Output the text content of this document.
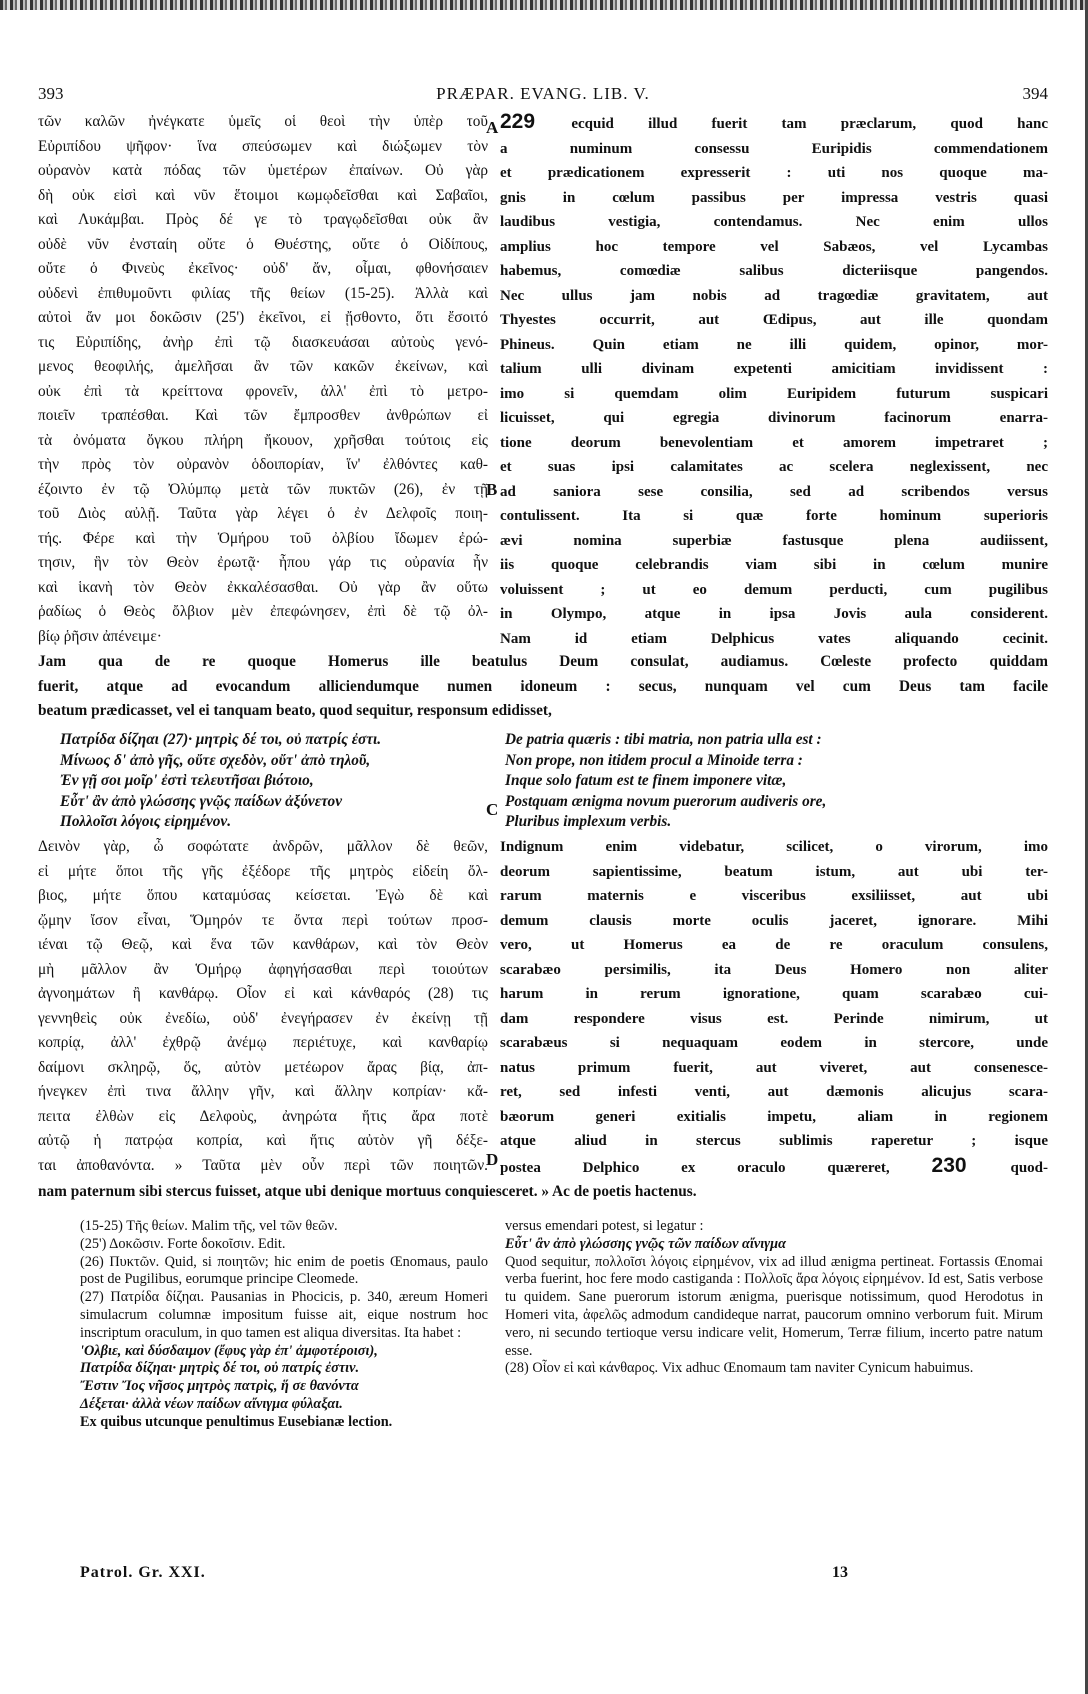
393	PRÆPAR. EVANG. LIB. V.	394
τῶν καλῶν ἠνέγκατε ὑμεῖς οἱ θεοὶ τὴν ὑπὲρ τοῦ
Εὐριπίδου ψῆφον· ἵνα σπεύσωμεν καὶ διώξωμεν τὸν
οὐρανὸν κατὰ πόδας τῶν ὑμετέρων ἐπαίνων. Οὐ γὰρ
δὴ οὐκ εἰσὶ καὶ νῦν ἕτοιμοι κωμῳδεῖσθαι καὶ Σαβαῖοι,
καὶ Λυκάμβαι. Πρὸς δέ γε τὸ τραγῳδεῖσθαι οὐκ ἂν
οὐδὲ νῦν ἐνσταίη οὔτε ὁ Θυέστης, οὔτε ὁ Οἰδίπους,
οὔτε ὁ Φινεὺς ἐκεῖνος· οὐδ' ἄν, οἶμαι, φθονήσαιεν
οὐδενὶ ἐπιθυμοῦντι φιλίας τῆς θείων (15-25). Ἀλλὰ καὶ
αὐτοὶ ἄν μοι δοκῶσιν (25') ἐκεῖνοι, εἰ ᾔσθοντο, ὅτι ἔσοιτό
τις Εὐριπίδης, ἀνὴρ ἐπὶ τῷ διασκευάσαι αὐτοὺς γενό-
μενος θεοφιλής, ἀμελῆσαι ἂν τῶν κακῶν ἐκείνων, καὶ
οὐκ ἐπὶ τὰ κρείττονα φρονεῖν, ἀλλ' ἐπὶ τὸ μετρο-
ποιεῖν τραπέσθαι. Καὶ τῶν ἔμπροσθεν ἀνθρώπων εἰ
τὰ ὀνόματα ὄγκου πλήρη ἤκουον, χρῆσθαι τούτοις εἰς
τὴν πρὸς τὸν οὐρανὸν ὁδοιπορίαν, ἵν' ἐλθόντες καθ-
έζοιντο ἐν τῷ Ὀλύμπῳ μετὰ τῶν πυκτῶν (26), ἐν τῇ
τοῦ Διὸς αὐλῇ. Ταῦτα γὰρ λέγει ὁ ἐν Δελφοῖς ποιη-
τής. Φέρε καὶ τὴν Ὁμήρου τοῦ ὀλβίου ἴδωμεν ἐρώ-
τησιν, ἣν τὸν Θεὸν ἐρωτᾷ· ἦπου γάρ τις οὐρανία ἦν
καὶ ἱκανὴ τὸν Θεὸν ἐκκαλέσασθαι. Οὐ γὰρ ἂν οὕτω
ῥαδίως ὁ Θεὸς ὄλβιον μὲν ἐπεφώνησεν, ἐπὶ δὲ τῷ ὀλ-
βίῳ ῥῆσιν ἀπένειμε·
A 229 ecquid illud fuerit tam præclarum, quod hanc
a numinum consessu Euripidis commendationem
et prædicationem expresserit : uti nos quoque ma-
gnis in cœlum passibus per impressa vestris quasi
laudibus vestigia, contendamus. Nec enim ullos
amplius hoc tempore vel Sabæos, vel Lycambas
habemus, comœdiæ salibus dicteriisque pangendos.
Nec ullus jam nobis ad tragœdiæ gravitatem, aut
Thyestes occurrit, aut Œdipus, aut ille quondam
Phineus. Quin etiam ne illi quidem, opinor, mor-
talium ulli divinam expetenti amicitiam invidissent :
imo si quemdam olim Euripidem futurum suspicari
licuisset, qui egregia divinorum facinorum enarra-
tione deorum benevolentiam et amorem impetraret ;
et suas ipsi calamitates ac scelera neglexissent, nec
ad saniora sese consilia, sed ad scribendos versus
contulissent. Ita si quæ forte hominum superioris
ævi nomina superbiæ fastusque plena audiissent,
iis quoque celebrandis viam sibi in cœlum munire
voluissent ; ut eo demum perducti, cum pugilibus
in Olympo, atque in ipsa Jovis aula considerent.
Nam id etiam Delphicus vates aliquando cecinit.
B
Jam qua de re quoque Homerus ille beatulus Deum consulat, audiamus. Cœleste profecto quiddam
fuerit, atque ad evocandum alliciendumque numen idoneum : secus, nunquam vel cum Deus tam facile
beatum prædicasset, vel ei tanquam beato, quod sequitur, responsum edidisset,
Πατρίδα δίζηαι (27)· μητρὶς δέ τοι, οὐ πατρίς ἐστι.
Μίνωος δ' ἀπὸ γῆς, οὔτε σχεδὸν, οὔτ' ἀπὸ τηλοῦ,
Ἐν γῇ σοι μοῖρ' ἐστὶ τελευτῆσαι βιότοιο,
Εὖτ' ἂν ἀπὸ γλώσσης γνῷς παίδων ἀξύνετον
Πολλοῖσι λόγοις εἰρημένον.
C
De patria quæris : tibi matria, non patria ulla est :
Non prope, non itidem procul a Minoide terra :
Inque solo fatum est te finem imponere vitæ,
Postquam ænigma novum puerorum audiveris ore,
Pluribus implexum verbis.
Δεινὸν γὰρ, ὦ σοφώτατε ἀνδρῶν, μᾶλλον δὲ θεῶν,
εἰ μήτε ὅποι τῆς γῆς ἐξέδορε τῆς μητρὸς εἰδείη ὄλ-
βιος, μήτε ὅπου καταμύσας κείσεται. Ἐγὼ δὲ καὶ
ᾤμην ἴσον εἶναι, Ὅμηρόν τε ὄντα περὶ τούτων προσ-
ιέναι τῷ Θεῷ, καὶ ἕνα τῶν κανθάρων, καὶ τὸν Θεὸν
μὴ μᾶλλον ἂν Ὁμήρῳ ἀφηγήσασθαι περὶ τοιούτων
ἀγνοημάτων ἢ κανθάρῳ. Οἷον εἰ καὶ κάνθαρός (28) τις
γεννηθεὶς οὐκ ἐνεδίω, οὐδ' ἐνεγήρασεν ἐν ἐκείνῃ τῇ
κοπρίᾳ, ἀλλ' ἐχθρῷ ἀνέμῳ περιέτυχε, καὶ κανθαρίῳ
δαίμονι σκληρῷ, ὅς, αὐτὸν μετέωρον ἄρας βίᾳ, ἀπ-
ήνεγκεν ἐπὶ τινα ἄλλην γῆν, καὶ ἄλλην κοπρίαν· κἄ-
πειτα ἐλθὼν εἰς Δελφοὺς, ἀνηρώτα ἥτις ἄρα ποτὲ
αὐτῷ ἡ πατρῴα κοπρία, καὶ ἥτις αὐτὸν γῆ δέξε-
ται ἀποθανόντα. » Ταῦτα μὲν οὖν περὶ τῶν ποιητῶν.
Indignum enim videbatur, scilicet, o virorum, imo
deorum sapientissime, beatum istum, aut ubi ter-
rarum maternis e visceribus exsiliisset, aut ubi
demum clausis morte oculis jaceret, ignorare. Mihi
vero, ut Homerus ea de re oraculum consulens,
scarabæo persimilis, ita Deus Homero non aliter
harum in rerum ignoratione, quam scarabæo cui-
dam respondere visus est. Perinde nimirum, ut
scarabæus si nequaquam eodem in stercore, unde
natus primum fuerit, aut viveret, aut consenesce-
ret, sed infesti venti, aut dæmonis alicujus scara-
bæorum generi exitialis impetu, aliam in regionem
atque aliud in stercus sublimis raperetur ; isque
postea Delphico ex oraculo quæreret, 230 quod-
D
nam paternum sibi stercus fuisset, atque ubi denique mortuus conquiesceret. » Ac de poetis hactenus.

(15-25) Τῆς θείων. Malim τῆς, vel τῶν θεῶν.

(25') Δοκῶσιν. Forte δοκοῖσιν. Edit.

(26) Πυκτῶν. Quid, si ποιητῶν; hic enim de poetis Œnomaus, paulo post de Pugilibus, eorumque principe Cleomede.

(27) Πατρίδα δίζηαι. Pausanias in Phocicis, p. 340, æreum Homeri simulacrum columnæ impositum fuisse ait, eique nostrum hoc inscriptum oraculum, in quo tamen est aliqua diversitas. Ita habet :

'Ολβιε, καὶ δύσδαιμον (ἔφυς γὰρ ἐπ' ἀμφοτέροισι),

Πατρίδα δίζηαι· μητρὶς δέ τοι, οὐ πατρίς ἐστιν.

Ἔστιν Ἴος νῆσος μητρὸς πατρὶς, ἥ σε θανόντα

Δέξεται· ἀλλὰ νέων παίδων αἴνιγμα φύλαξαι.

Ex quibus utcunque penultimus Eusebianæ lection.

versus emendari potest, si legatur :

Εὖτ' ἂν ἀπὸ γλώσσης γνῷς τῶν παίδων αἴνιγμα

Quod sequitur, πολλοῖσι λόγοις εἰρημένον, vix ad illud ænigma pertineat. Fortassis Œnomai verba fuerint, hoc fere modo castiganda : Πολλοῖς ἄρα λόγοις εἰρημένον. Id est, Satis verbose tu quidem. Sane puerorum istorum ænigma, puerisque notissimum, quod Herodotus in Homeri vita, ἀφελῶς admodum candideque narrat, paucorum omnino verborum fuit. Mirum vero, ni secundo tertioque versu indicare velit, Homerum, Terræ filium, incerto patre natum esse.

(28) Οἷον εἰ καὶ κάνθαρος. Vix adhuc Œnomaum tam naviter Cynicum habuimus.

Patrol. Gr. XXI.	13
